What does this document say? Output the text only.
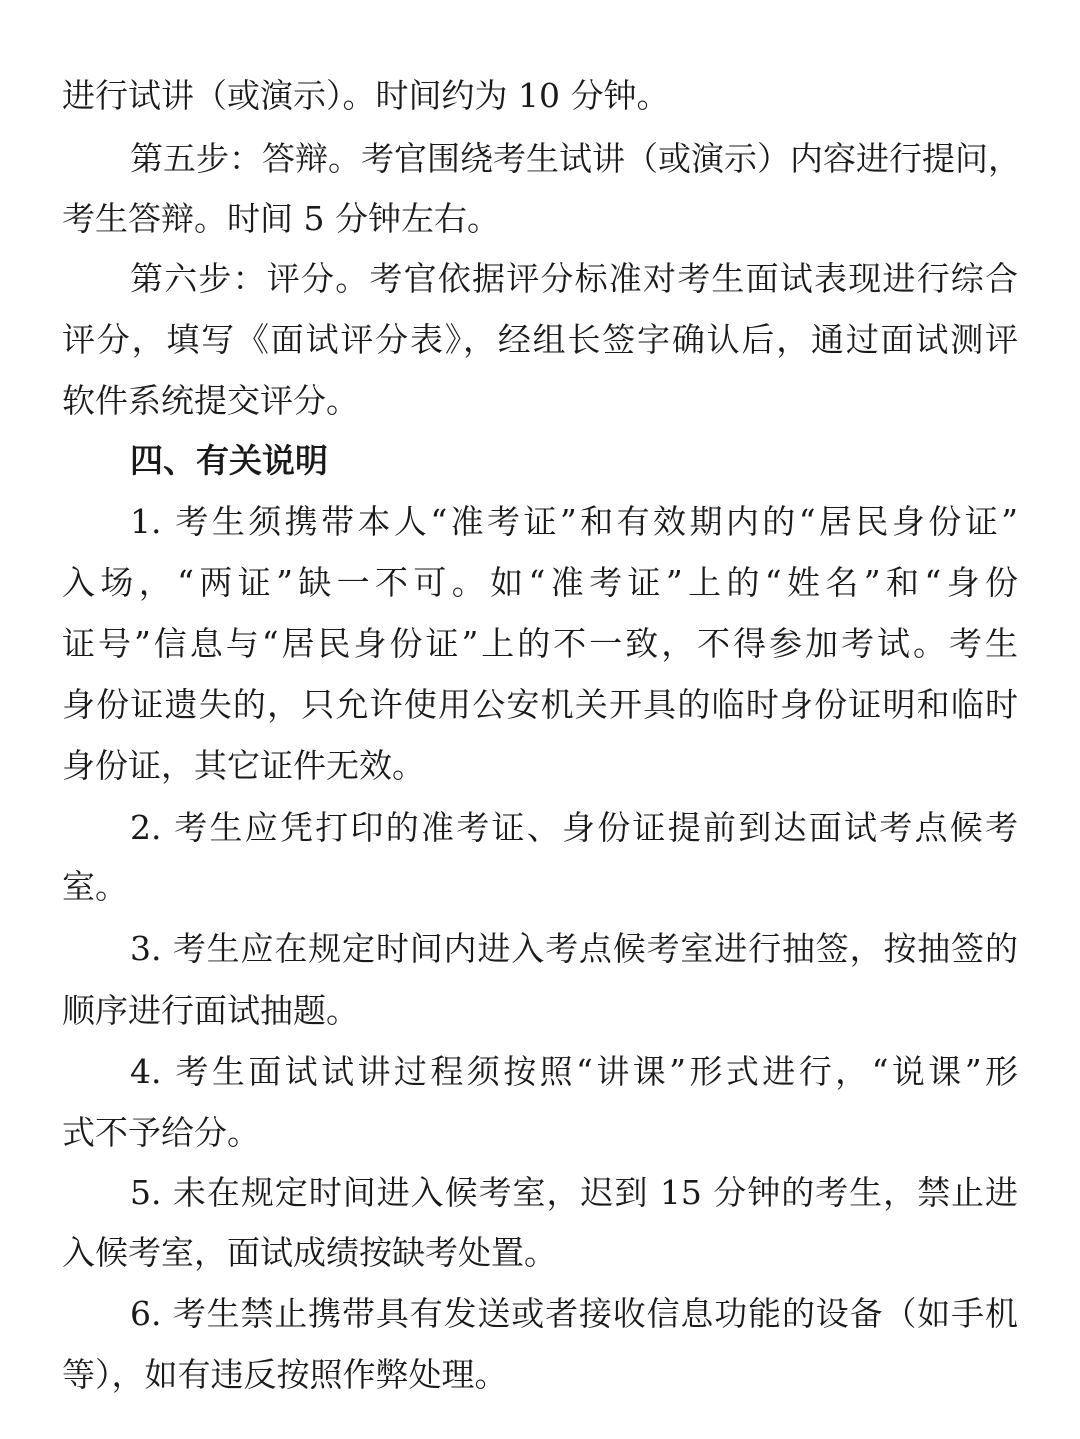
进行试讲（或演示）。时间约为 10 分钟。
第五步：答辩。考官围绕考生试讲（或演示）内容进行提问，
考生答辩。时间 5 分钟左右。
第六步：评分。考官依据评分标准对考生面试表现进行综合
评分，填写《面试评分表》，经组长签字确认后，通过面试测评
软件系统提交评分。
四、有关说明
1. 考生须携带本人“准考证”和有效期内的“居民身份证”
入场，“两证”缺一不可。如“准考证”上的“姓名”和“身份
证号”信息与“居民身份证”上的不一致，不得参加考试。考生
身份证遗失的，只允许使用公安机关开具的临时身份证明和临时
身份证，其它证件无效。
2. 考生应凭打印的准考证、身份证提前到达面试考点候考
室。
3. 考生应在规定时间内进入考点候考室进行抽签，按抽签的
顺序进行面试抽题。
4. 考生面试试讲过程须按照“讲课”形式进行，“说课”形
式不予给分。
5. 未在规定时间进入候考室，迟到 15 分钟的考生，禁止进
入候考室，面试成绩按缺考处置。
6. 考生禁止携带具有发送或者接收信息功能的设备（如手机
等），如有违反按照作弊处理。
